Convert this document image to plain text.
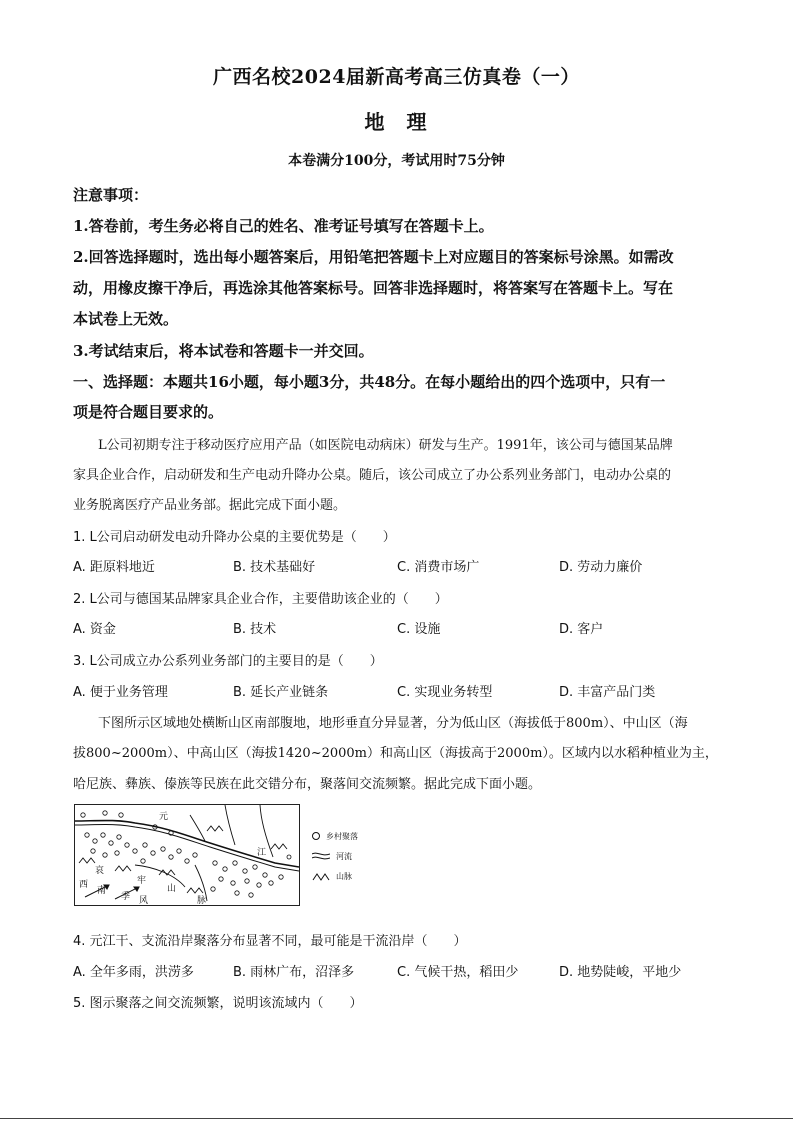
广西名校2024届新高考高三仿真卷（一）
地理
本卷满分100分，考试用时75分钟
注意事项：
1.答卷前，考生务必将自己的姓名、准考证号填写在答题卡上。
2.回答选择题时，选出每小题答案后，用铅笔把答题卡上对应题目的答案标号涂黑。如需改
动，用橡皮擦干净后，再选涂其他答案标号。回答非选择题时，将答案写在答题卡上。写在
本试卷上无效。
3.考试结束后，将本试卷和答题卡一并交回。
一、选择题：本题共16小题，每小题3分，共48分。在每小题给出的四个选项中，只有一
项是符合题目要求的。
L公司初期专注于移动医疗应用产品（如医院电动病床）研发与生产。1991年，该公司与德国某品牌
家具企业合作，启动研发和生产电动升降办公桌。随后，该公司成立了办公系列业务部门，电动办公桌的
业务脱离医疗产品业务部。据此完成下面小题。
1. L公司启动研发电动升降办公桌的主要优势是（　　）
A. 距原料地近	B. 技术基础好	C. 消费市场广	D. 劳动力廉价
2. L公司与德国某品牌家具企业合作，主要借助该企业的（　　）
A. 资金	B. 技术	C. 设施	D. 客户
3. L公司成立办公系列业务部门的主要目的是（　　）
A. 便于业务管理	B. 延长产业链条	C. 实现业务转型	D. 丰富产品门类
下图所示区域地处横断山区南部腹地，地形垂直分异显著，分为低山区（海拔低于800m）、中山区（海
拔800~2000m）、中高山区（海拔1420~2000m）和高山区（海拔高于2000m）。区域内以水稻种植业为主，
哈尼族、彝族、傣族等民族在此交错分布，聚落间交流频繁。据此完成下面小题。
元
江
哀
牢
山
脉
西
南
季 风
乡村聚落
河流
山脉
4. 元江干、支流沿岸聚落分布显著不同，最可能是干流沿岸（　　）
A. 全年多雨，洪涝多	B. 雨林广布，沼泽多	C. 气候干热，稻田少	D. 地势陡峻，平地少
5. 图示聚落之间交流频繁，说明该流域内（　　）
